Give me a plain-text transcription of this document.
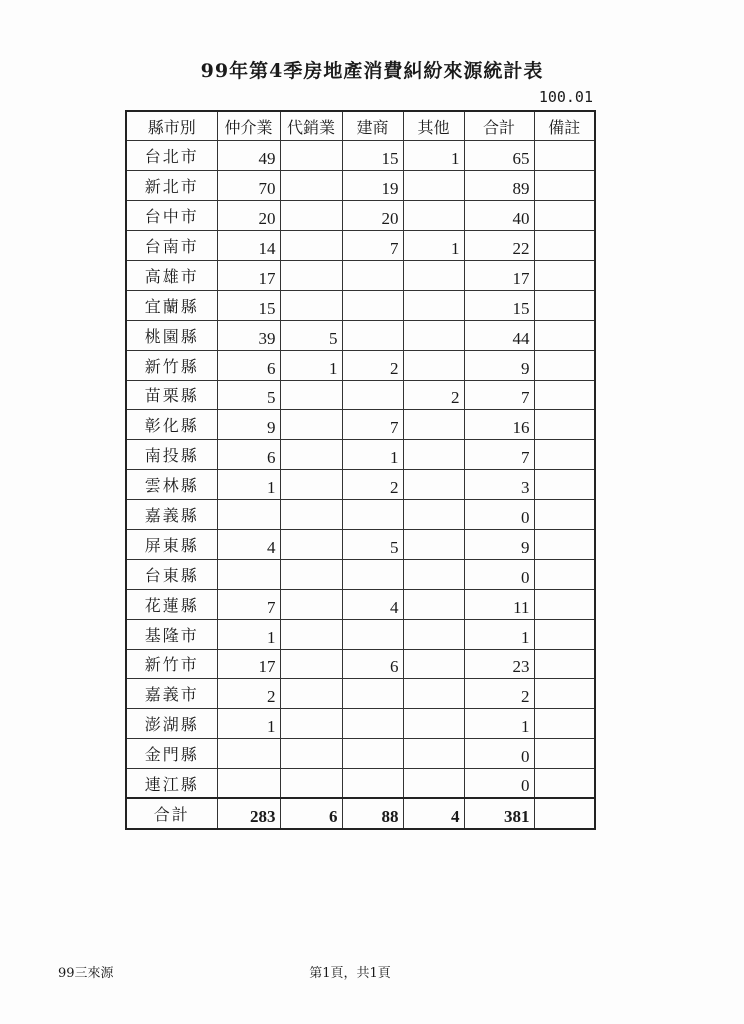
99年第4季房地產消費糾紛來源統計表
100.01
縣市別	仲介業	代銷業	建商	其他	合計	備註
台北市	49		15	1	65	
新北市	70		19		89	
台中市	20		20		40	
台南市	14		7	1	22	
高雄市	17				17	
宜蘭縣	15				15	
桃園縣	39	5			44	
新竹縣	6	1	2		9	
苗栗縣	5			2	7	
彰化縣	9		7		16	
南投縣	6		1		7	
雲林縣	1		2		3	
嘉義縣					0	
屏東縣	4		5		9	
台東縣					0	
花蓮縣	7		4		11	
基隆市	1				1	
新竹市	17		6		23	
嘉義市	2				2	
澎湖縣	1				1	
金門縣					0	
連江縣					0	
合計	283	6	88	4	381	
99三來源	第1頁，共1頁
